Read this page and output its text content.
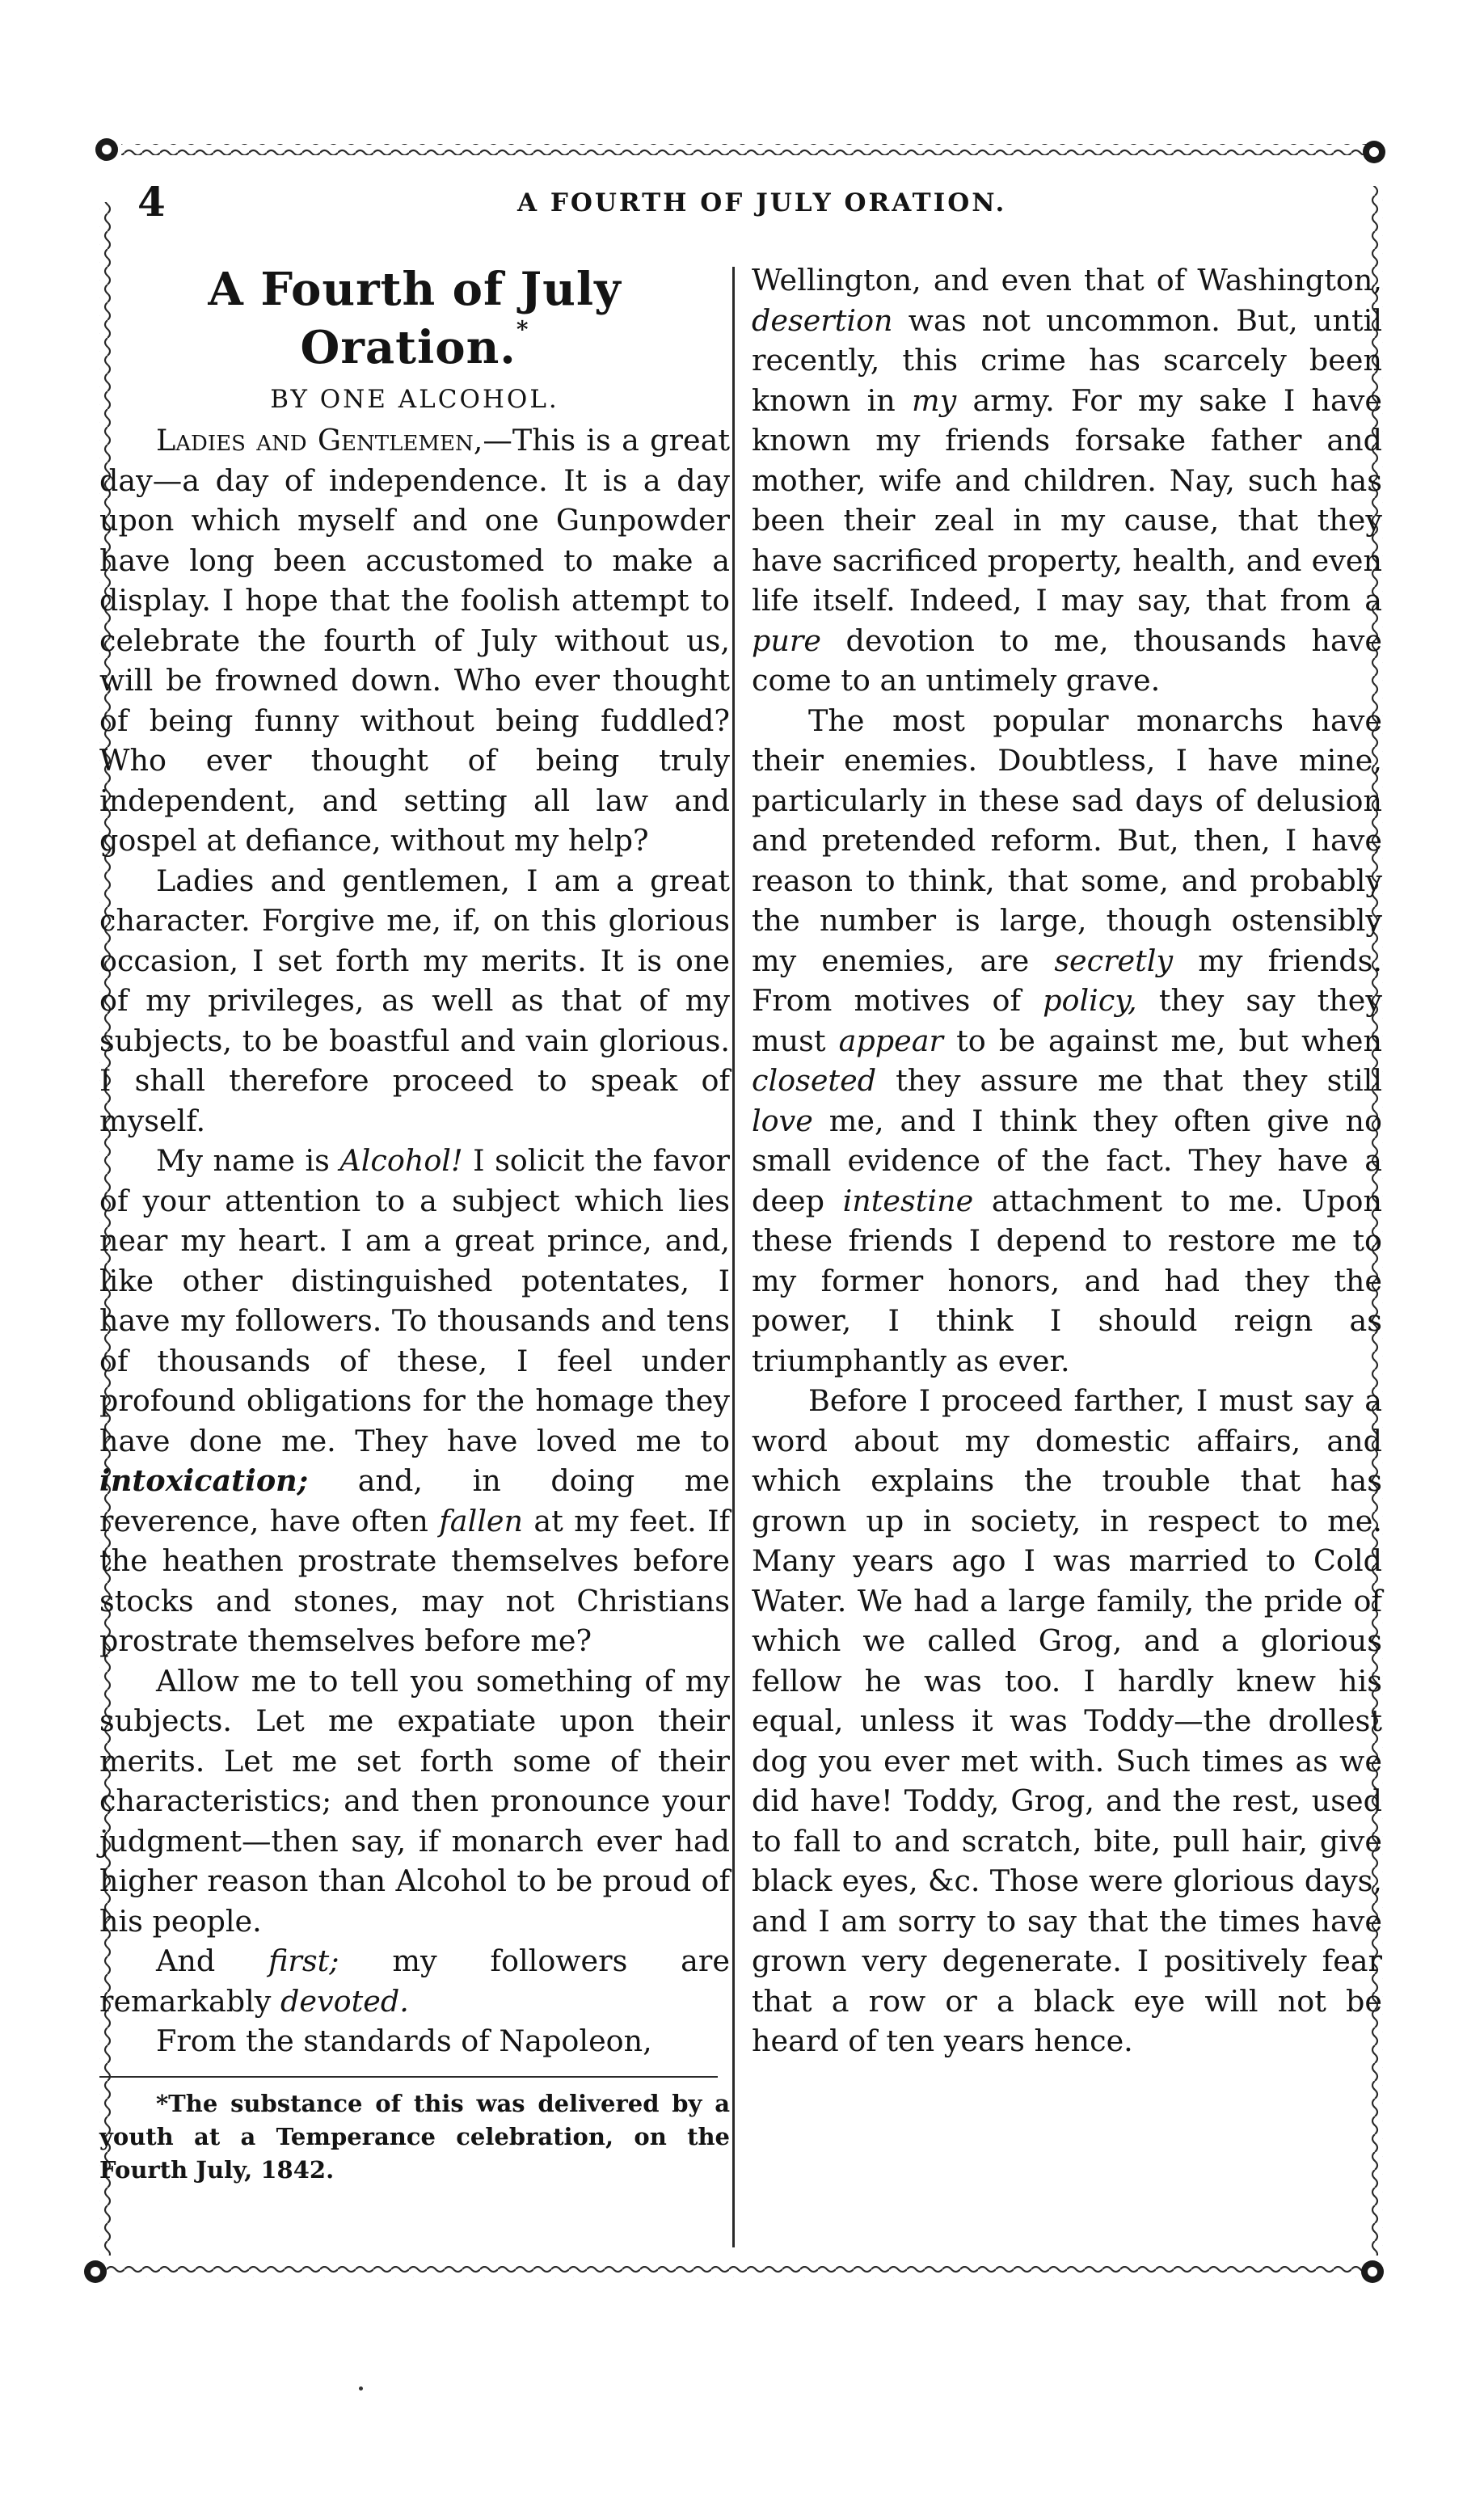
4	A FOURTH OF JULY ORATION.
A Fourth of July Oration.*
BY ONE ALCOHOL.

Ladies and Gentlemen,—This is a great day—a day of independence. It is a day upon which myself and one Gunpowder have long been accustomed to make a display. I hope that the foolish attempt to celebrate the fourth of July without us, will be frowned down. Who ever thought of being funny without being fuddled? Who ever thought of being truly independent, and setting all law and gospel at defiance, without my help?

Ladies and gentlemen, I am a great character. Forgive me, if, on this glorious occasion, I set forth my merits. It is one of my privileges, as well as that of my subjects, to be boastful and vain glorious. I shall therefore proceed to speak of myself.

My name is Alcohol! I solicit the favor of your attention to a subject which lies near my heart. I am a great prince, and, like other distinguished potentates, I have my followers. To thousands and tens of thousands of these, I feel under profound obligations for the homage they have done me. They have loved me to intoxication; and, in doing me reverence, have often fallen at my feet. If the heathen prostrate themselves before stocks and stones, may not Christians prostrate themselves before me?

Allow me to tell you something of my subjects. Let me expatiate upon their merits. Let me set forth some of their characteristics; and then pronounce your judgment—then say, if monarch ever had higher reason than Alcohol to be proud of his people.

And first; my followers are remarkably devoted.

From the standards of Napoleon,

*The substance of this was delivered by a youth at a Temperance celebration, on the Fourth July, 1842.

Wellington, and even that of Washington, desertion was not uncommon. But, until recently, this crime has scarcely been known in my army. For my sake I have known my friends forsake father and mother, wife and children. Nay, such has been their zeal in my cause, that they have sacrificed property, health, and even life itself. Indeed, I may say, that from a pure devotion to me, thousands have come to an untimely grave.

The most popular monarchs have their enemies. Doubtless, I have mine, particularly in these sad days of delusion and pretended reform. But, then, I have reason to think, that some, and probably the number is large, though ostensibly my enemies, are secretly my friends. From motives of policy, they say they must appear to be against me, but when closeted they assure me that they still love me, and I think they often give no small evidence of the fact. They have a deep intestine attachment to me. Upon these friends I depend to restore me to my former honors, and had they the power, I think I should reign as triumphantly as ever.

Before I proceed farther, I must say a word about my domestic affairs, and which explains the trouble that has grown up in society, in respect to me. Many years ago I was married to Cold Water. We had a large family, the pride of which we called Grog, and a glorious fellow he was too. I hardly knew his equal, unless it was Toddy—the drollest dog you ever met with. Such times as we did have! Toddy, Grog, and the rest, used to fall to and scratch, bite, pull hair, give black eyes, &c. Those were glorious days, and I am sorry to say that the times have grown very degenerate. I positively fear that a row or a black eye will not be heard of ten years hence.
